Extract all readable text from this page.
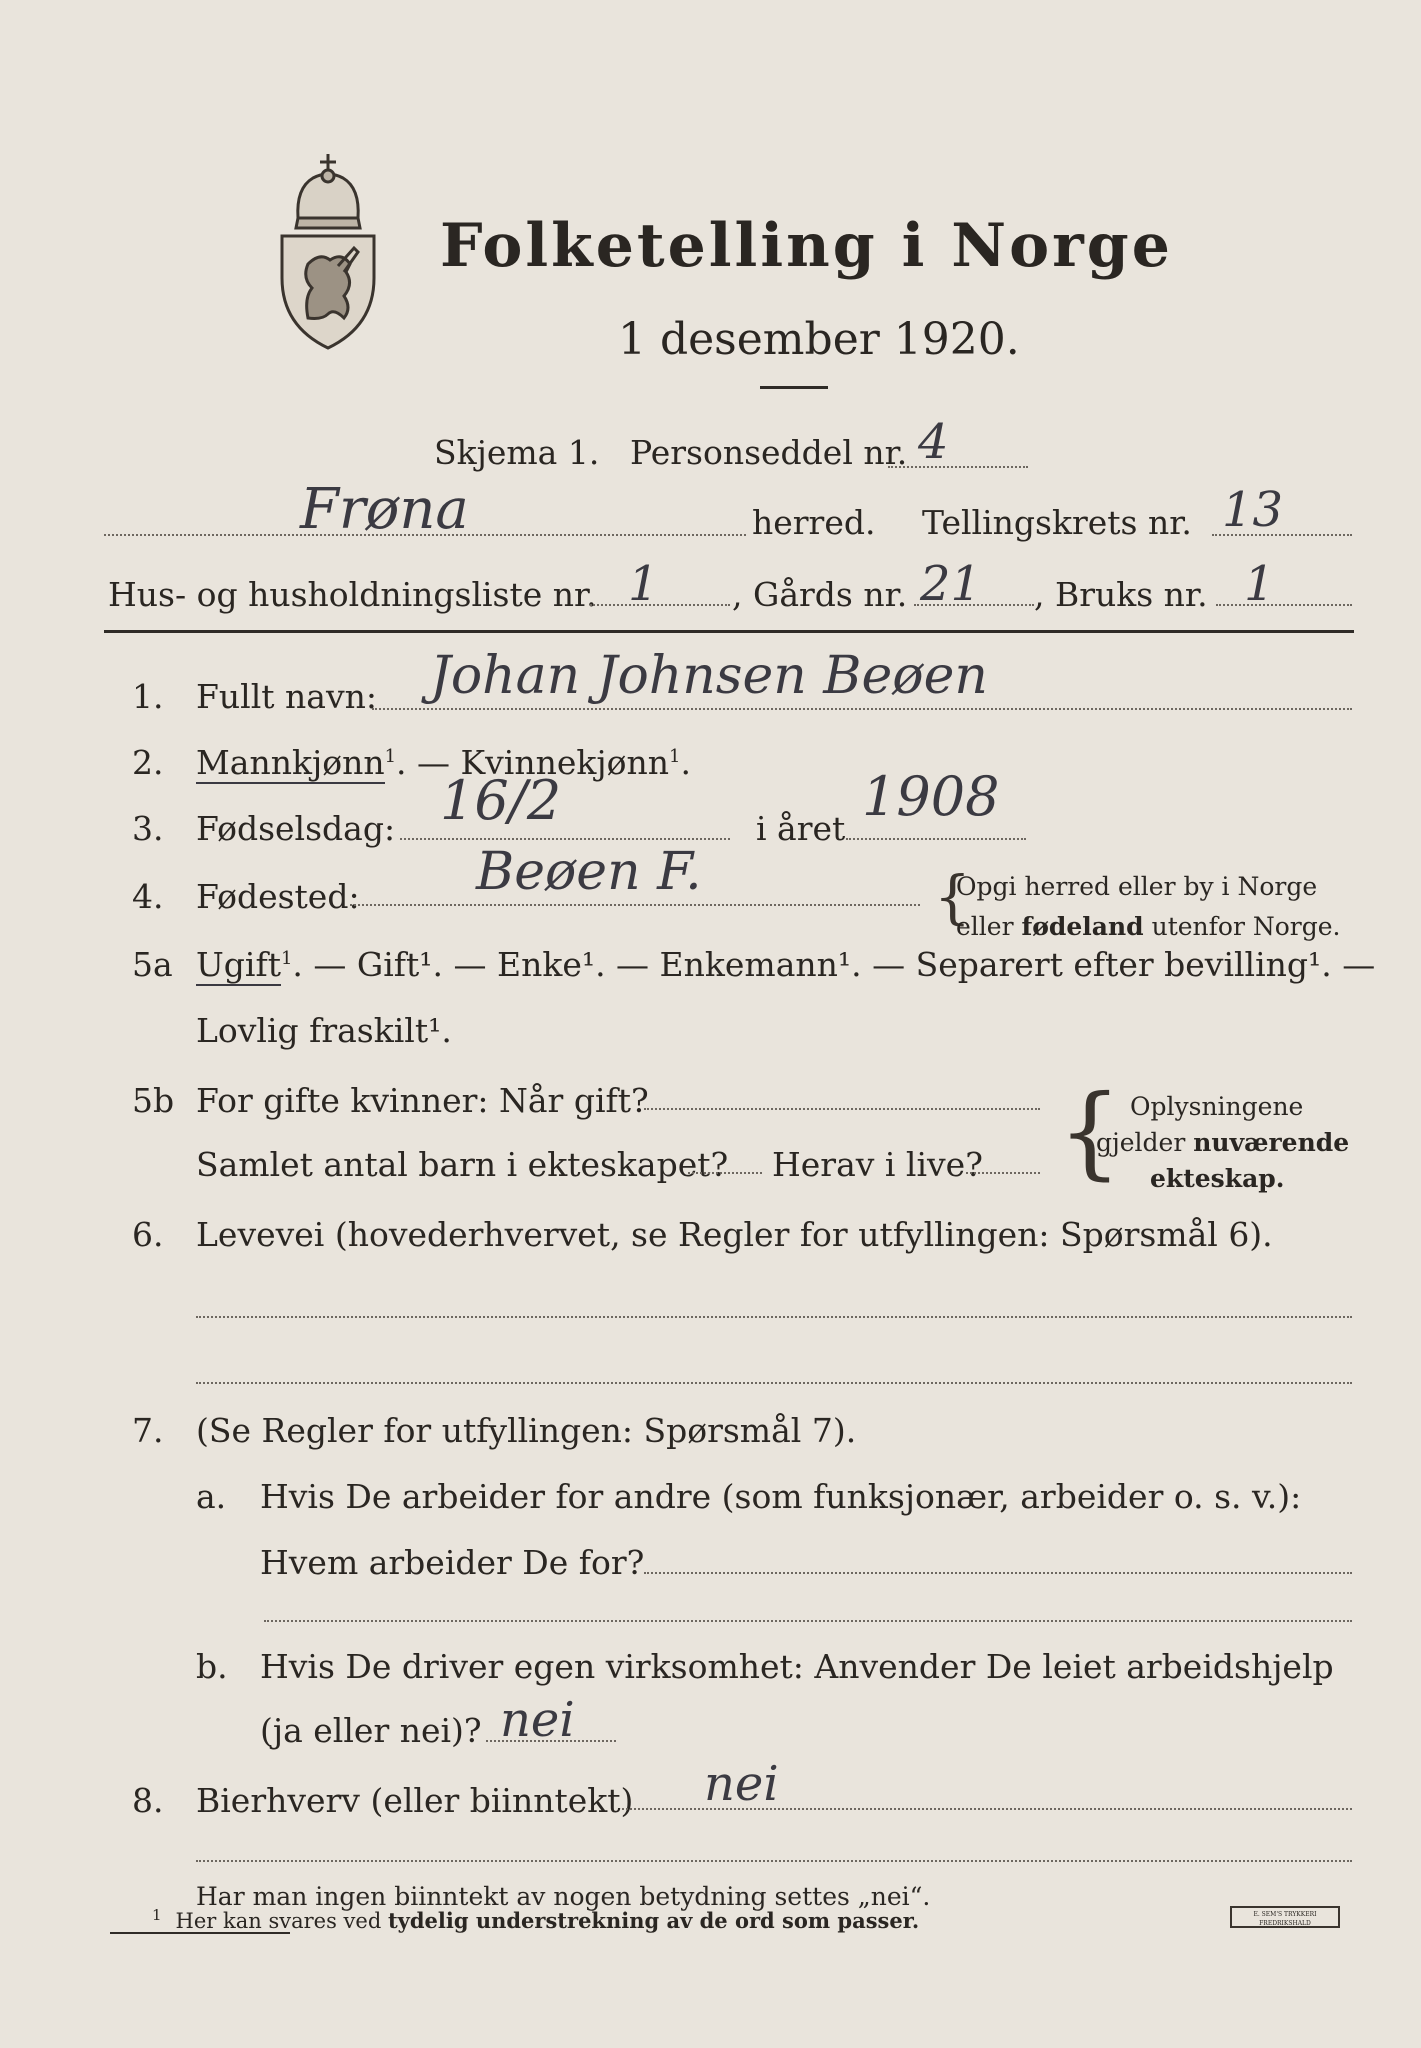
Folketelling i Norge
1 desember 1920.
Skjema 1. Personseddel nr. 4
Frøna	herred. Tellingskrets nr. 13
Hus- og husholdningsliste nr. 1 , Gårds nr. 21 , Bruks nr. 1
1. Fullt navn: Johan Johnsen Beøen
2. Mannkjønn$^1$. — Kvinnekjønn$^1$.
3. Fødselsdag: 16/2	i året
1908
4. Fødested: Beøen F.	{
Opgi herred eller by i Norge
eller fødeland utenfor Norge.
5a Ugift$^1$. — Gift¹. — Enke¹. — Enkemann¹. — Separert efter bevilling¹. —
Lovlig fraskilt¹.
5b For gifte kvinner: Når gift?
Samlet antal barn i ekteskapet? Herav i live? { Oplysningene
gjelder nuværende
ekteskap.
6. Levevei (hovederhvervet, se Regler for utfyllingen: Spørsmål 6).
7. (Se Regler for utfyllingen: Spørsmål 7).
a. Hvis De arbeider for andre (som funksjonær, arbeider o. s. v.):
Hvem arbeider De for?
b. Hvis De driver egen virksomhet: Anvender De leiet arbeidshjelp
(ja eller nei)? nei
8. Bierhverv (eller biinntekt) nei
Har man ingen biinntekt av nogen betydning settes „nei“.
$^1$ Her kan svares ved tydelig understrekning av de ord som passer.	E. SEM'S TRYKKERI FREDRIKSHALD
